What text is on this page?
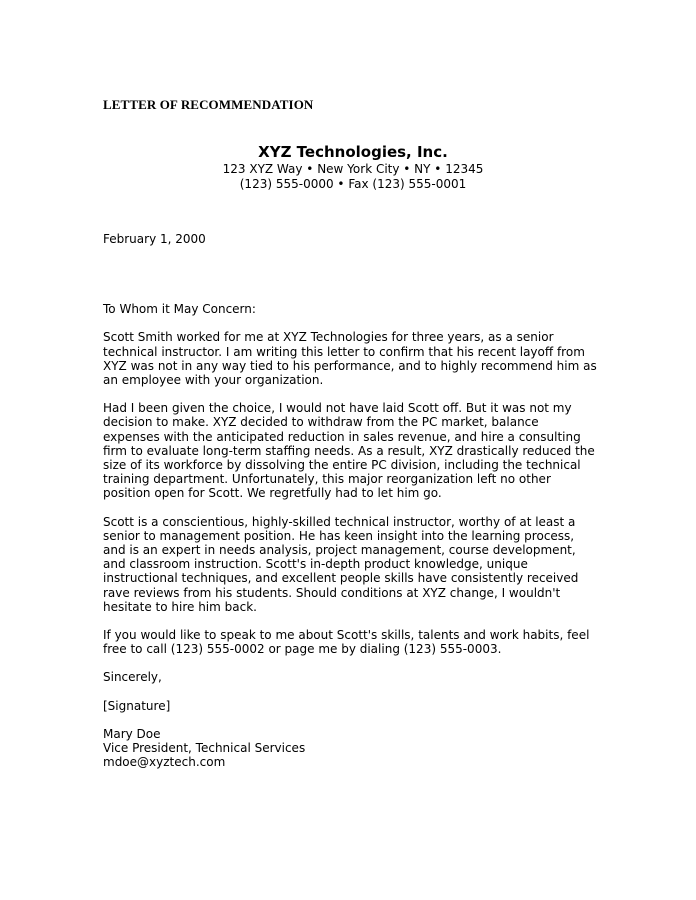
LETTER OF RECOMMENDATION
XYZ Technologies, Inc.
123 XYZ Way • New York City • NY • 12345
(123) 555-0000 • Fax (123) 555-0001

February 1, 2000

To Whom it May Concern:

Scott Smith worked for me at XYZ Technologies for three years, as a senior technical instructor. I am writing this letter to confirm that his recent layoff from XYZ was not in any way tied to his performance, and to highly recommend him as an employee with your organization.

Had I been given the choice, I would not have laid Scott off. But it was not my decision to make. XYZ decided to withdraw from the PC market, balance expenses with the anticipated reduction in sales revenue, and hire a consulting firm to evaluate long-term staffing needs. As a result, XYZ drastically reduced the size of its workforce by dissolving the entire PC division, including the technical training department. Unfortunately, this major reorganization left no other position open for Scott. We regretfully had to let him go.

Scott is a conscientious, highly-skilled technical instructor, worthy of at least a senior to management position. He has keen insight into the learning process, and is an expert in needs analysis, project management, course development, and classroom instruction. Scott's in-depth product knowledge, unique instructional techniques, and excellent people skills have consistently received rave reviews from his students. Should conditions at XYZ change, I wouldn't hesitate to hire him back.

If you would like to speak to me about Scott's skills, talents and work habits, feel free to call (123) 555-0002 or page me by dialing (123) 555-0003.

Sincerely,

[Signature]

Mary Doe

Vice President, Technical Services

mdoe@xyztech.com
